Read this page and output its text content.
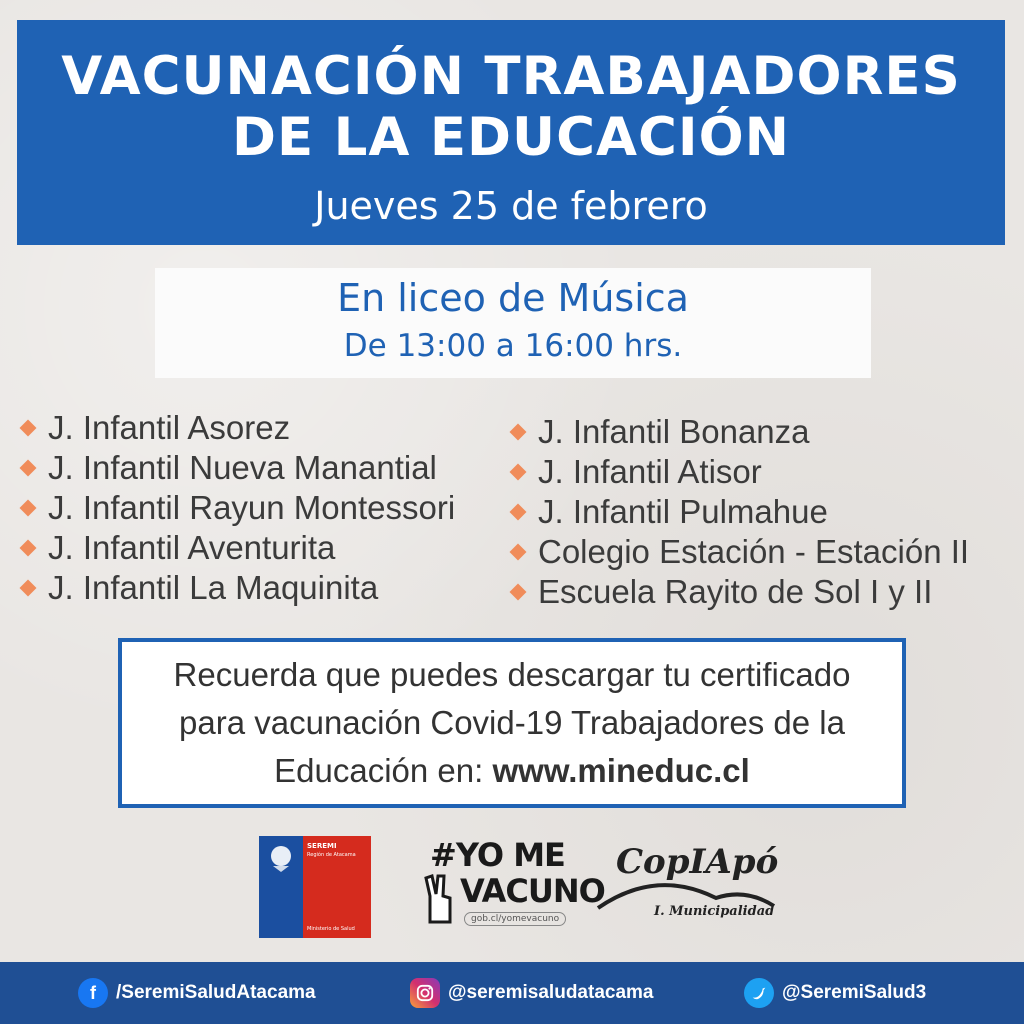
VACUNACIÓN TRABAJADORES
DE LA EDUCACIÓN
Jueves 25 de febrero
En liceo de Música
De 13:00 a 16:00 hrs.
J. Infantil Asorez
J. Infantil Nueva Manantial
J. Infantil Rayun Montessori
J. Infantil Aventurita
J. Infantil La Maquinita
J. Infantil Bonanza
J. Infantil Atisor
J. Infantil Pulmahue
Colegio Estación - Estación II
Escuela Rayito de Sol I y II
Recuerda que puedes descargar tu certificado
para vacunación Covid-19 Trabajadores de la
Educación en: www.mineduc.cl
SEREMI
Región de Atacama
Ministerio de Salud
#YO ME
VACUNO
gob.cl/yomevacuno
CopIApó
I. Municipalidad
f	/SeremiSaludAtacama	@seremisaludatacama	@SeremiSalud3
